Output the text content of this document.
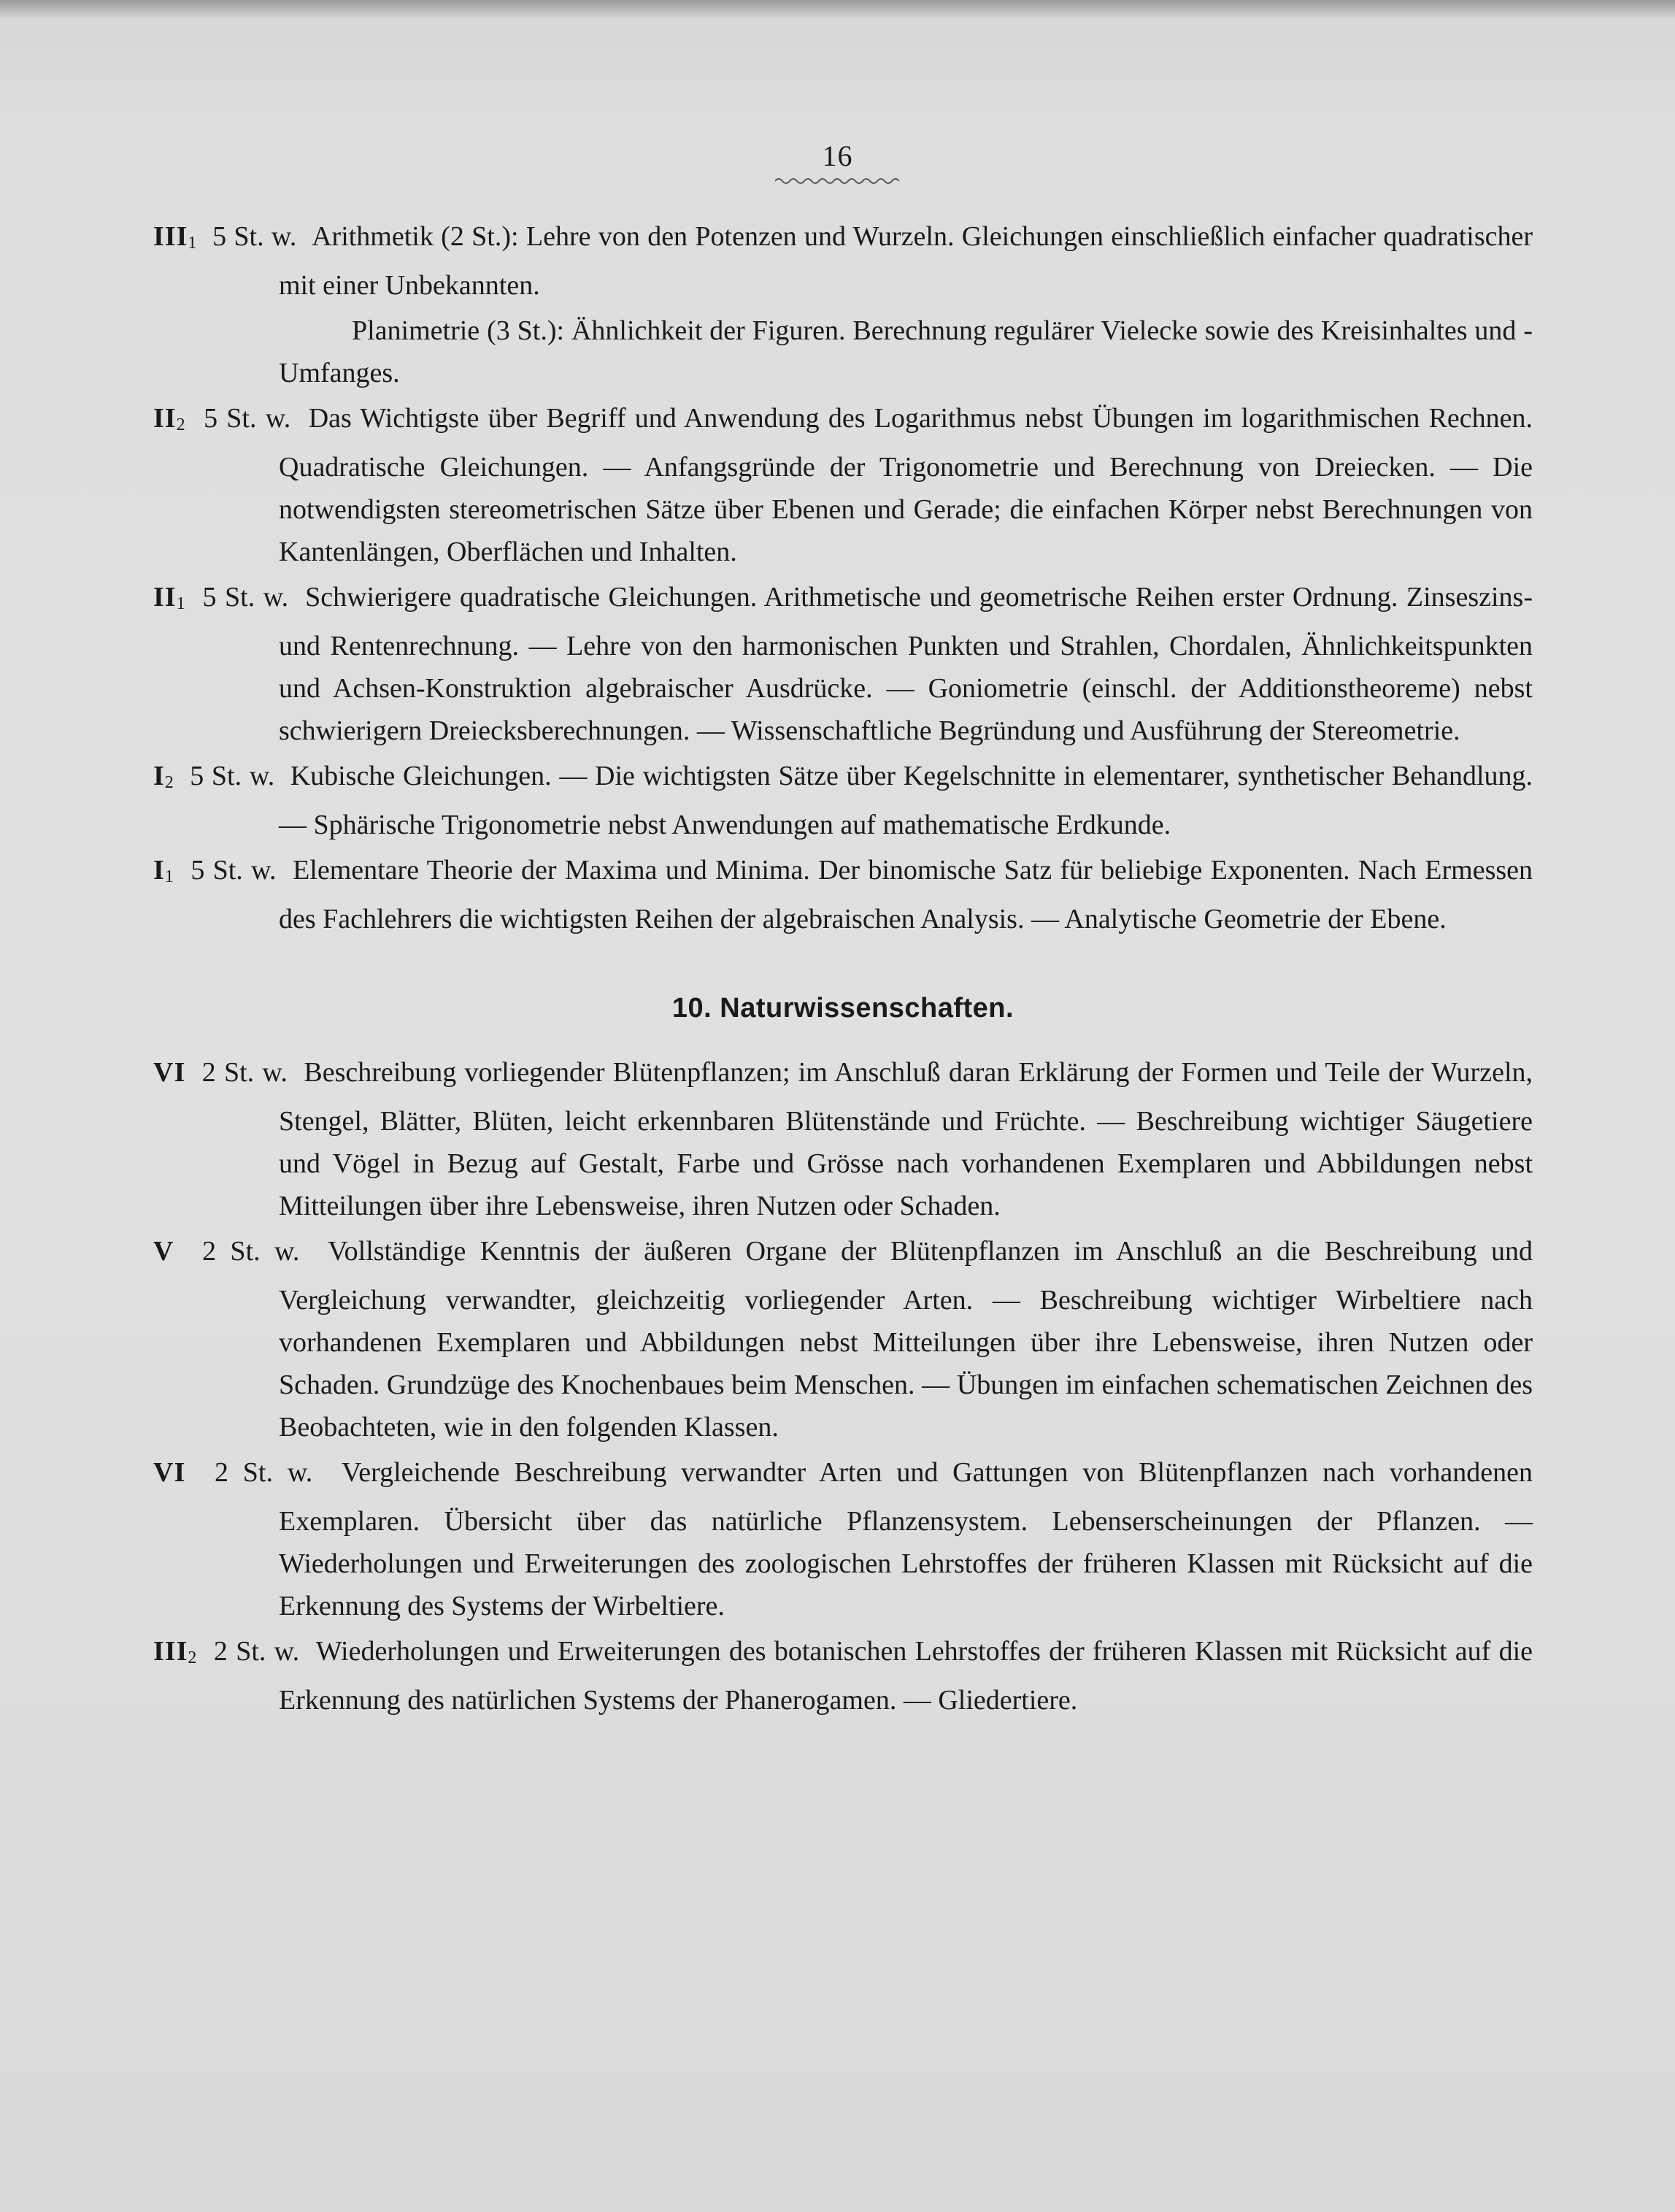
16
$III_1$ 5 St. w. Arithmetik (2 St.): Lehre von den Potenzen und Wurzeln. Gleichungen einschließlich einfacher quadratischer mit einer Unbekannten.
Planimetrie (3 St.): Ähnlichkeit der Figuren. Berechnung regulärer Vielecke sowie des Kreisinhaltes und -Umfanges.
$II_2$ 5 St. w. Das Wichtigste über Begriff und Anwendung des Logarithmus nebst Übungen im logarithmischen Rechnen. Quadratische Gleichungen. — Anfangsgründe der Trigonometrie und Berechnung von Dreiecken. — Die notwendigsten stereometrischen Sätze über Ebenen und Gerade; die einfachen Körper nebst Berechnungen von Kantenlängen, Oberflächen und Inhalten.
$II_1$ 5 St. w. Schwierigere quadratische Gleichungen. Arithmetische und geometrische Reihen erster Ordnung. Zinseszins- und Rentenrechnung. — Lehre von den harmonischen Punkten und Strahlen, Chordalen, Ähnlichkeitspunkten und Achsen-Konstruktion algebraischer Ausdrücke. — Goniometrie (einschl. der Additionstheoreme) nebst schwierigern Dreiecksberechnungen. — Wissenschaftliche Begründung und Ausführung der Stereometrie.
$I_2$ 5 St. w. Kubische Gleichungen. — Die wichtigsten Sätze über Kegelschnitte in elementarer, synthetischer Behandlung. — Sphärische Trigonometrie nebst Anwendungen auf mathematische Erdkunde.
$I_1$ 5 St. w. Elementare Theorie der Maxima und Minima. Der binomische Satz für beliebige Exponenten. Nach Ermessen des Fachlehrers die wichtigsten Reihen der algebraischen Analysis. — Analytische Geometrie der Ebene.
10. Naturwissenschaften.
VI 2 St. w. Beschreibung vorliegender Blütenpflanzen; im Anschluß daran Erklärung der Formen und Teile der Wurzeln, Stengel, Blätter, Blüten, leicht erkennbaren Blütenstände und Früchte. — Beschreibung wichtiger Säugetiere und Vögel in Bezug auf Gestalt, Farbe und Grösse nach vorhandenen Exemplaren und Abbildungen nebst Mitteilungen über ihre Lebensweise, ihren Nutzen oder Schaden.
V 2 St. w. Vollständige Kenntnis der äußeren Organe der Blütenpflanzen im Anschluß an die Beschreibung und Vergleichung verwandter, gleichzeitig vorliegender Arten. — Beschreibung wichtiger Wirbeltiere nach vorhandenen Exemplaren und Abbildungen nebst Mitteilungen über ihre Lebensweise, ihren Nutzen oder Schaden. Grundzüge des Knochenbaues beim Menschen. — Übungen im einfachen schematischen Zeichnen des Beobachteten, wie in den folgenden Klassen.
VI 2 St. w. Vergleichende Beschreibung verwandter Arten und Gattungen von Blütenpflanzen nach vorhandenen Exemplaren. Übersicht über das natürliche Pflanzensystem. Lebenserscheinungen der Pflanzen. — Wiederholungen und Erweiterungen des zoologischen Lehrstoffes der früheren Klassen mit Rücksicht auf die Erkennung des Systems der Wirbeltiere.
$III_2$ 2 St. w. Wiederholungen und Erweiterungen des botanischen Lehrstoffes der früheren Klassen mit Rücksicht auf die Erkennung des natürlichen Systems der Phanerogamen. — Gliedertiere.
